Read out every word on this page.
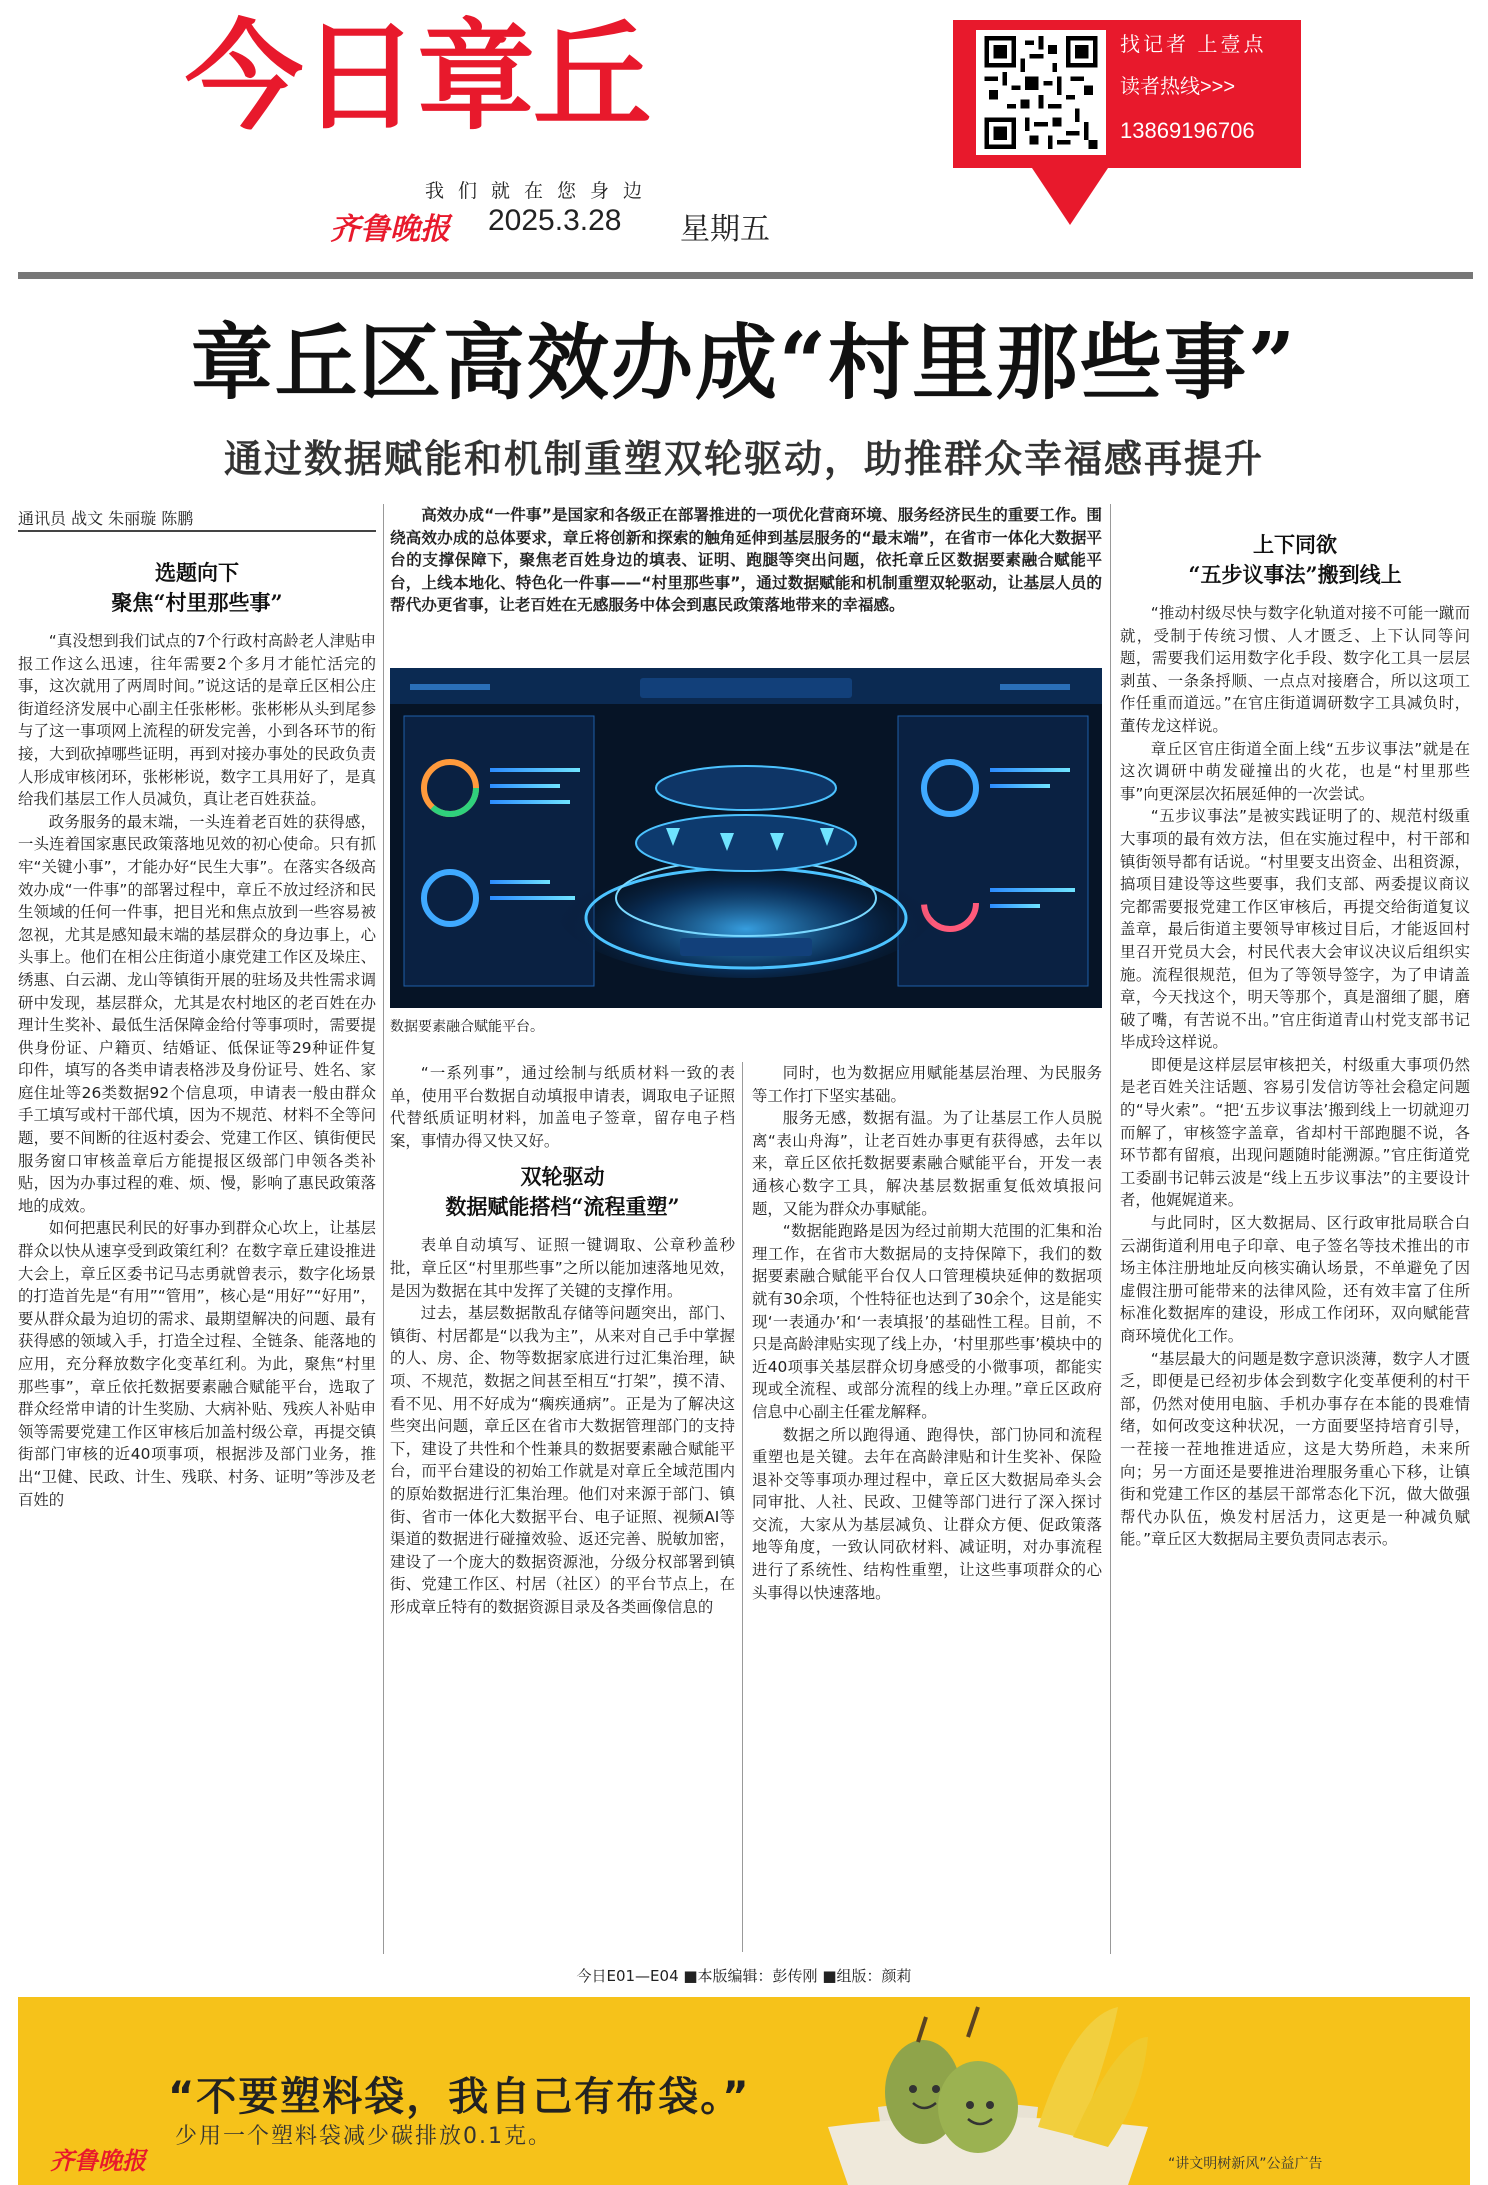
今日章丘
我们就在您身边
齐鲁晚报 2025.3.28 星期五
找记者 上壹点
读者热线>>>
13869196706
章丘区高效办成“村里那些事”
通过数据赋能和机制重塑双轮驱动，助推群众幸福感再提升
通讯员 战文 朱丽璇 陈鹏
选题向下
聚焦“村里那些事”

“真没想到我们试点的7个行政村高龄老人津贴申报工作这么迅速，往年需要2个多月才能忙活完的事，这次就用了两周时间。”说这话的是章丘区相公庄街道经济发展中心副主任张彬彬。张彬彬从头到尾参与了这一事项网上流程的研发完善，小到各环节的衔接，大到砍掉哪些证明，再到对接办事处的民政负责人形成审核闭环，张彬彬说，数字工具用好了，是真给我们基层工作人员减负，真让老百姓获益。

政务服务的最末端，一头连着老百姓的获得感，一头连着国家惠民政策落地见效的初心使命。只有抓牢“关键小事”，才能办好“民生大事”。在落实各级高效办成“一件事”的部署过程中，章丘不放过经济和民生领域的任何一件事，把目光和焦点放到一些容易被忽视，尤其是感知最末端的基层群众的身边事上，心头事上。他们在相公庄街道小康党建工作区及垛庄、绣惠、白云湖、龙山等镇街开展的驻场及共性需求调研中发现，基层群众，尤其是农村地区的老百姓在办理计生奖补、最低生活保障金给付等事项时，需要提供身份证、户籍页、结婚证、低保证等29种证件复印件，填写的各类申请表格涉及身份证号、姓名、家庭住址等26类数据92个信息项，申请表一般由群众手工填写或村干部代填，因为不规范、材料不全等问题，要不间断的往返村委会、党建工作区、镇街便民服务窗口审核盖章后方能提报区级部门申领各类补贴，因为办事过程的难、烦、慢，影响了惠民政策落地的成效。

如何把惠民利民的好事办到群众心坎上，让基层群众以快从速享受到政策红利？在数字章丘建设推进大会上，章丘区委书记马志勇就曾表示，数字化场景的打造首先是“有用”“管用”，核心是“用好”“好用”，要从群众最为迫切的需求、最期望解决的问题、最有获得感的领域入手，打造全过程、全链条、能落地的应用，充分释放数字化变革红利。为此，聚焦“村里那些事”，章丘依托数据要素融合赋能平台，选取了群众经常申请的计生奖励、大病补贴、残疾人补贴申领等需要党建工作区审核后加盖村级公章，再提交镇街部门审核的近40项事项，根据涉及部门业务，推出“卫健、民政、计生、残联、村务、证明”等涉及老百姓的

高效办成“一件事”是国家和各级正在部署推进的一项优化营商环境、服务经济民生的重要工作。围绕高效办成的总体要求，章丘将创新和探索的触角延伸到基层服务的“最末端”，在省市一体化大数据平台的支撑保障下，聚焦老百姓身边的填表、证明、跑腿等突出问题，依托章丘区数据要素融合赋能平台，上线本地化、特色化一件事——“村里那些事”，通过数据赋能和机制重塑双轮驱动，让基层人员的帮代办更省事，让老百姓在无感服务中体会到惠民政策落地带来的幸福感。
数据要素融合赋能平台。

“一系列事”，通过绘制与纸质材料一致的表单，使用平台数据自动填报申请表，调取电子证照代替纸质证明材料，加盖电子签章，留存电子档案，事情办得又快又好。

双轮驱动
数据赋能搭档“流程重塑”

表单自动填写、证照一键调取、公章秒盖秒批，章丘区“村里那些事”之所以能加速落地见效，是因为数据在其中发挥了关键的支撑作用。

过去，基层数据散乱存储等问题突出，部门、镇街、村居都是“以我为主”，从来对自己手中掌握的人、房、企、物等数据家底进行过汇集治理，缺项、不规范，数据之间甚至相互“打架”，摸不清、看不见、用不好成为“瘸疾通病”。正是为了解决这些突出问题，章丘区在省市大数据管理部门的支持下，建设了共性和个性兼具的数据要素融合赋能平台，而平台建设的初始工作就是对章丘全域范围内的原始数据进行汇集治理。他们对来源于部门、镇街、省市一体化大数据平台、电子证照、视频AI等渠道的数据进行碰撞效验、返还完善、脱敏加密，建设了一个庞大的数据资源池，分级分权部署到镇街、党建工作区、村居（社区）的平台节点上，在形成章丘特有的数据资源目录及各类画像信息的

同时，也为数据应用赋能基层治理、为民服务等工作打下坚实基础。

服务无感，数据有温。为了让基层工作人员脱离“表山舟海”，让老百姓办事更有获得感，去年以来，章丘区依托数据要素融合赋能平台，开发一表通核心数字工具，解决基层数据重复低效填报问题，又能为群众办事赋能。

“数据能跑路是因为经过前期大范围的汇集和治理工作，在省市大数据局的支持保障下，我们的数据要素融合赋能平台仅人口管理模块延伸的数据项就有30余项，个性特征也达到了30余个，这是能实现‘一表通办’和‘一表填报’的基础性工程。目前，不只是高龄津贴实现了线上办，‘村里那些事’模块中的近40项事关基层群众切身感受的小微事项，都能实现或全流程、或部分流程的线上办理。”章丘区政府信息中心副主任霍龙解释。

数据之所以跑得通、跑得快，部门协同和流程重塑也是关键。去年在高龄津贴和计生奖补、保险退补交等事项办理过程中，章丘区大数据局牵头会同审批、人社、民政、卫健等部门进行了深入探讨交流，大家从为基层减负、让群众方便、促政策落地等角度，一致认同砍材料、减证明，对办事流程进行了系统性、结构性重塑，让这些事项群众的心头事得以快速落地。

上下同欲
“五步议事法”搬到线上

“推动村级尽快与数字化轨道对接不可能一蹴而就，受制于传统习惯、人才匮乏、上下认同等问题，需要我们运用数字化手段、数字化工具一层层剥茧、一条条捋顺、一点点对接磨合，所以这项工作任重而道远。”在官庄街道调研数字工具减负时，董传龙这样说。

章丘区官庄街道全面上线“五步议事法”就是在这次调研中萌发碰撞出的火花，也是“村里那些事”向更深层次拓展延伸的一次尝试。

“五步议事法”是被实践证明了的、规范村级重大事项的最有效方法，但在实施过程中，村干部和镇街领导都有话说。“村里要支出资金、出租资源，搞项目建设等这些要事，我们支部、两委提议商议完都需要报党建工作区审核后，再提交给街道复议盖章，最后街道主要领导审核过目后，才能返回村里召开党员大会，村民代表大会审议决议后组织实施。流程很规范，但为了等领导签字，为了申请盖章，今天找这个，明天等那个，真是溜细了腿，磨破了嘴，有苦说不出。”官庄街道青山村党支部书记毕成玲这样说。

即便是这样层层审核把关，村级重大事项仍然是老百姓关注话题、容易引发信访等社会稳定问题的“导火索”。“把‘五步议事法’搬到线上一切就迎刃而解了，审核签字盖章，省却村干部跑腿不说，各环节都有留痕，出现问题随时能溯源。”官庄街道党工委副书记韩云波是“线上五步议事法”的主要设计者，他娓娓道来。

与此同时，区大数据局、区行政审批局联合白云湖街道利用电子印章、电子签名等技术推出的市场主体注册地址反向核实确认场景，不单避免了因虚假注册可能带来的法律风险，还有效丰富了住所标准化数据库的建设，形成工作闭环，双向赋能营商环境优化工作。

“基层最大的问题是数字意识淡薄，数字人才匮乏，即便是已经初步体会到数字化变革便利的村干部，仍然对使用电脑、手机办事存在本能的畏难情绪，如何改变这种状况，一方面要坚持培育引导，一茬接一茬地推进适应，这是大势所趋，未来所向；另一方面还是要推进治理服务重心下移，让镇街和党建工作区的基层干部常态化下沉，做大做强帮代办队伍，焕发村居活力，这更是一种减负赋能。”章丘区大数据局主要负责同志表示。

今日E01—E04 ■本版编辑：彭传刚 ■组版：颜莉
“不要塑料袋，我自己有布袋。”
少用一个塑料袋减少碳排放0.1克。
齐鲁晚报	“讲文明树新风”公益广告
